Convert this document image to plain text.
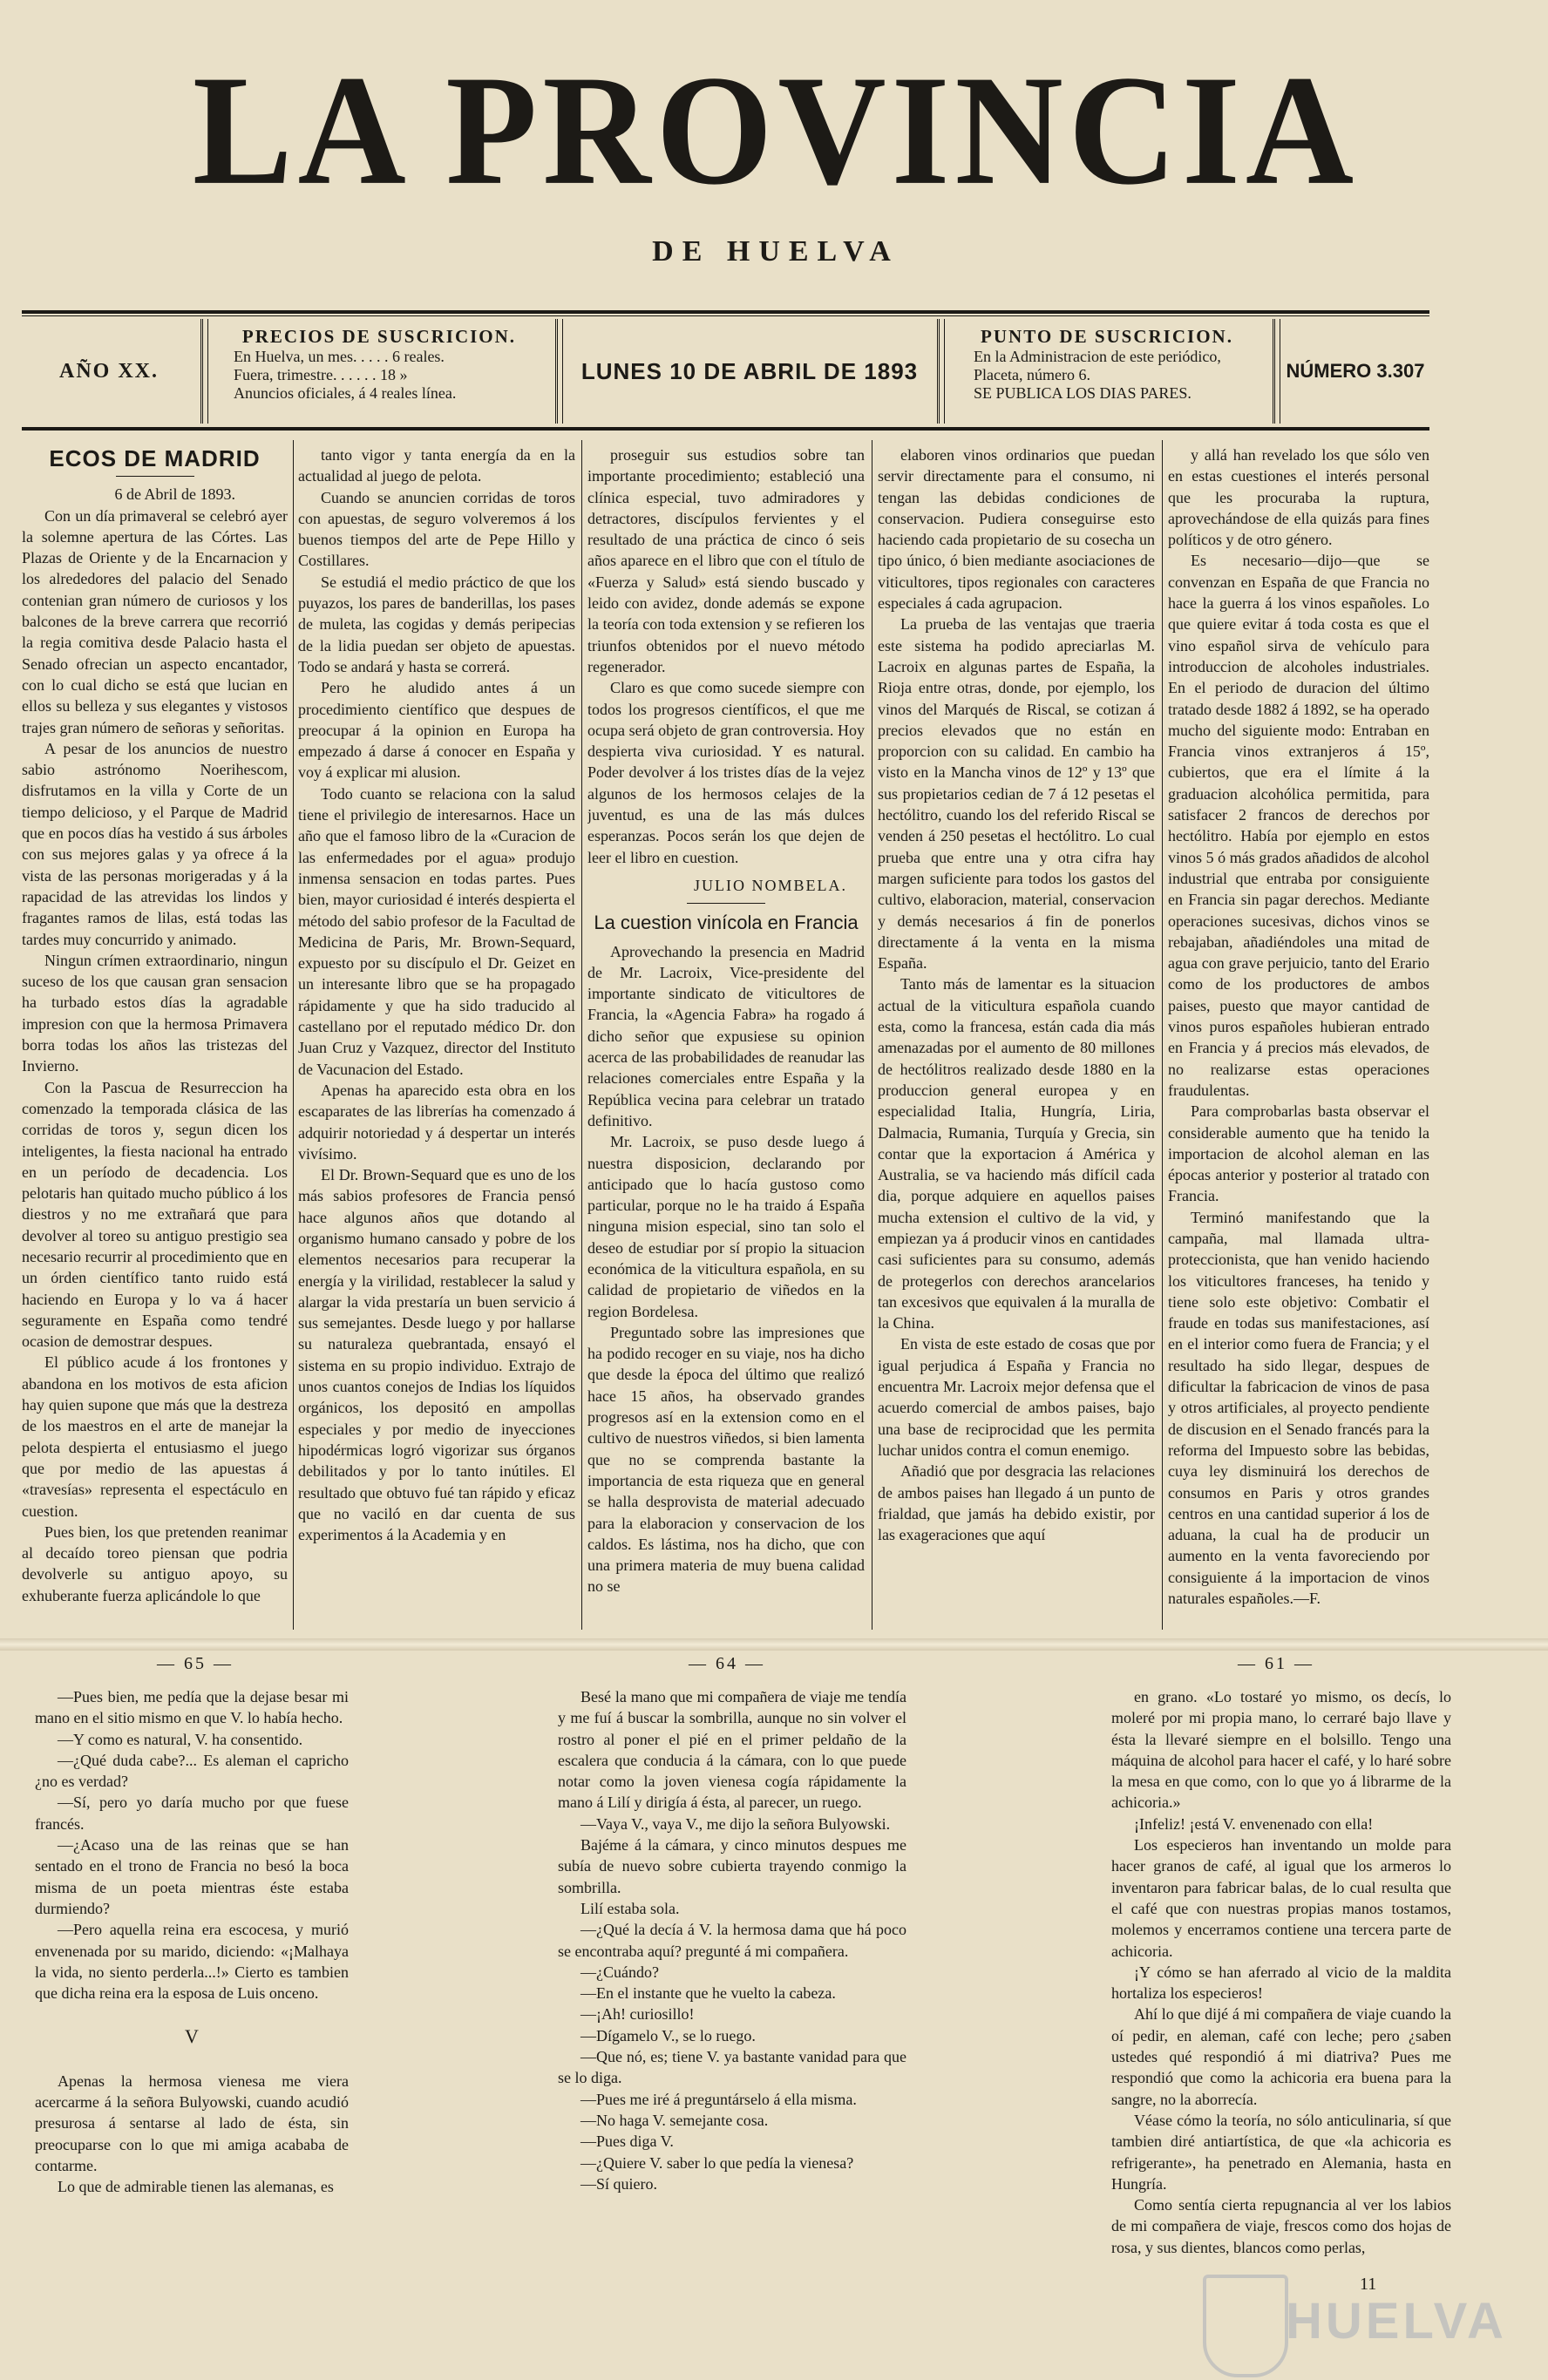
LA PROVINCIA
DE HUELVA
AÑO XX.
PRECIOS DE SUSCRICION.
En Huelva, un mes. . . . . 6 reales.
Fuera, trimestre. . . . . . 18 »
Anuncios oficiales, á 4 reales línea.
LUNES 10 DE ABRIL DE 1893
PUNTO DE SUSCRICION.
En la Administracion de este periódico,
Placeta, número 6.
SE PUBLICA LOS DIAS PARES.
NÚMERO 3.307
ECOS DE MADRID

6 de Abril de 1893.

Con un día primaveral se celebró ayer la solemne apertura de las Córtes. Las Plazas de Oriente y de la Encarnacion y los alrededores del palacio del Senado contenian gran número de curiosos y los balcones de la breve carrera que recorrió la regia comitiva desde Palacio hasta el Senado ofrecian un aspecto encantador, con lo cual dicho se está que lucian en ellos su belleza y sus elegantes y vistosos trajes gran número de señoras y señoritas.

A pesar de los anuncios de nuestro sabio astrónomo Noerihescom, disfrutamos en la villa y Corte de un tiempo delicioso, y el Parque de Madrid que en pocos días ha vestido á sus árboles con sus mejores galas y ya ofrece á la vista de las personas morigeradas y á la rapacidad de las atrevidas los lindos y fragantes ramos de lilas, está todas las tardes muy concurrido y animado.

Ningun crímen extraordinario, ningun suceso de los que causan gran sensacion ha turbado estos días la agradable impresion con que la hermosa Primavera borra todas los años las tristezas del Invierno.

Con la Pascua de Resurreccion ha comenzado la temporada clásica de las corridas de toros y, segun dicen los inteligentes, la fiesta nacional ha entrado en un período de decadencia. Los pelotaris han quitado mucho público á los diestros y no me extrañará que para devolver al toreo su antiguo prestigio sea necesario recurrir al procedimiento que en un órden científico tanto ruido está haciendo en Europa y lo va á hacer seguramente en España como tendré ocasion de demostrar despues.

El público acude á los frontones y abandona en los motivos de esta aficion hay quien supone que más que la destreza de los maestros en el arte de manejar la pelota despierta el entusiasmo el juego que por medio de las apuestas á «travesías» representa el espectáculo en cuestion.

Pues bien, los que pretenden reanimar al decaído toreo piensan que podria devolverle su antiguo apoyo, su exhuberante fuerza aplicándole lo que

tanto vigor y tanta energía da en la actualidad al juego de pelota.

Cuando se anuncien corridas de toros con apuestas, de seguro volveremos á los buenos tiempos del arte de Pepe Hillo y Costillares.

Se estudiá el medio práctico de que los puyazos, los pares de banderillas, los pases de muleta, las cogidas y demás peripecias de la lidia puedan ser objeto de apuestas. Todo se andará y hasta se correrá.

Pero he aludido antes á un procedimiento científico que despues de preocupar á la opinion en Europa ha empezado á darse á conocer en España y voy á explicar mi alusion.

Todo cuanto se relaciona con la salud tiene el privilegio de interesarnos. Hace un año que el famoso libro de la «Curacion de las enfermedades por el agua» produjo inmensa sensacion en todas partes. Pues bien, mayor curiosidad é interés despierta el método del sabio profesor de la Facultad de Medicina de Paris, Mr. Brown-Sequard, expuesto por su discípulo el Dr. Geizet en un interesante libro que se ha propagado rápidamente y que ha sido traducido al castellano por el reputado médico Dr. don Juan Cruz y Vazquez, director del Instituto de Vacunacion del Estado.

Apenas ha aparecido esta obra en los escaparates de las librerías ha comenzado á adquirir notoriedad y á despertar un interés vivísimo.

El Dr. Brown-Sequard que es uno de los más sabios profesores de Francia pensó hace algunos años que dotando al organismo humano cansado y pobre de los elementos necesarios para recuperar la energía y la virilidad, restablecer la salud y alargar la vida prestaría un buen servicio á sus semejantes. Desde luego y por hallarse su naturaleza quebrantada, ensayó el sistema en su propio individuo. Extrajo de unos cuantos conejos de Indias los líquidos orgánicos, los depositó en ampollas especiales y por medio de inyecciones hipodérmicas logró vigorizar sus órganos debilitados y por lo tanto inútiles. El resultado que obtuvo fué tan rápido y eficaz que no vaciló en dar cuenta de sus experimentos á la Academia y en

proseguir sus estudios sobre tan importante procedimiento; estableció una clínica especial, tuvo admiradores y detractores, discípulos fervientes y el resultado de una práctica de cinco ó seis años aparece en el libro que con el título de «Fuerza y Salud» está siendo buscado y leido con avidez, donde además se expone la teoría con toda extension y se refieren los triunfos obtenidos por el nuevo método regenerador.

Claro es que como sucede siempre con todos los progresos científicos, el que me ocupa será objeto de gran controversia. Hoy despierta viva curiosidad. Y es natural. Poder devolver á los tristes días de la vejez algunos de los hermosos celajes de la juventud, es una de las más dulces esperanzas. Pocos serán los que dejen de leer el libro en cuestion.

JULIO NOMBELA.
La cuestion vinícola en Francia

Aprovechando la presencia en Madrid de Mr. Lacroix, Vice-presidente del importante sindicato de viticultores de Francia, la «Agencia Fabra» ha rogado á dicho señor que expusiese su opinion acerca de las probabilidades de reanudar las relaciones comerciales entre España y la República vecina para celebrar un tratado definitivo.

Mr. Lacroix, se puso desde luego á nuestra disposicion, declarando por anticipado que lo hacía gustoso como particular, porque no le ha traido á España ninguna mision especial, sino tan solo el deseo de estudiar por sí propio la situacion económica de la viticultura española, en su calidad de propietario de viñedos en la region Bordelesa.

Preguntado sobre las impresiones que ha podido recoger en su viaje, nos ha dicho que desde la época del último que realizó hace 15 años, ha observado grandes progresos así en la extension como en el cultivo de nuestros viñedos, si bien lamenta que no se comprenda bastante la importancia de esta riqueza que en general se halla desprovista de material adecuado para la elaboracion y conservacion de los caldos. Es lástima, nos ha dicho, que con una primera materia de muy buena calidad no se

elaboren vinos ordinarios que puedan servir directamente para el consumo, ni tengan las debidas condiciones de conservacion. Pudiera conseguirse esto haciendo cada propietario de su cosecha un tipo único, ó bien mediante asociaciones de viticultores, tipos regionales con caracteres especiales á cada agrupacion.

La prueba de las ventajas que traeria este sistema ha podido apreciarlas M. Lacroix en algunas partes de España, la Rioja entre otras, donde, por ejemplo, los vinos del Marqués de Riscal, se cotizan á precios elevados que no están en proporcion con su calidad. En cambio ha visto en la Mancha vinos de 12º y 13º que sus propietarios cedian de 7 á 12 pesetas el hectólitro, cuando los del referido Riscal se venden á 250 pesetas el hectólitro. Lo cual prueba que entre una y otra cifra hay margen suficiente para todos los gastos del cultivo, elaboracion, material, conservacion y demás necesarios á fin de ponerlos directamente á la venta en la misma España.

Tanto más de lamentar es la situacion actual de la viticultura española cuando esta, como la francesa, están cada dia más amenazadas por el aumento de 80 millones de hectólitros realizado desde 1880 en la produccion general europea y en especialidad Italia, Hungría, Liria, Dalmacia, Rumania, Turquía y Grecia, sin contar que la exportacion á América y Australia, se va haciendo más difícil cada dia, porque adquiere en aquellos paises mucha extension el cultivo de la vid, y empiezan ya á producir vinos en cantidades casi suficientes para su consumo, además de protegerlos con derechos arancelarios tan excesivos que equivalen á la muralla de la China.

En vista de este estado de cosas que por igual perjudica á España y Francia no encuentra Mr. Lacroix mejor defensa que el acuerdo comercial de ambos paises, bajo una base de reciprocidad que les permita luchar unidos contra el comun enemigo.

Añadió que por desgracia las relaciones de ambos paises han llegado á un punto de frialdad, que jamás ha debido existir, por las exageraciones que aquí

y allá han revelado los que sólo ven en estas cuestiones el interés personal que les procuraba la ruptura, aprovechándose de ella quizás para fines políticos y de otro género.

Es necesario—dijo—que se convenzan en España de que Francia no hace la guerra á los vinos españoles. Lo que quiere evitar á toda costa es que el vino español sirva de vehículo para introduccion de alcoholes industriales. En el periodo de duracion del último tratado desde 1882 á 1892, se ha operado mucho del siguiente modo: Entraban en Francia vinos extranjeros á 15º, cubiertos, que era el límite á la graduacion alcohólica permitida, para satisfacer 2 francos de derechos por hectólitro. Había por ejemplo en estos vinos 5 ó más grados añadidos de alcohol industrial que entraba por consiguiente en Francia sin pagar derechos. Mediante operaciones sucesivas, dichos vinos se rebajaban, añadiéndoles una mitad de agua con grave perjuicio, tanto del Erario como de los productores de ambos paises, puesto que mayor cantidad de vinos puros españoles hubieran entrado en Francia y á precios más elevados, de no realizarse estas operaciones fraudulentas.

Para comprobarlas basta observar el considerable aumento que ha tenido la importacion de alcohol aleman en las épocas anterior y posterior al tratado con Francia.

Terminó manifestando que la campaña, mal llamada ultra-proteccionista, que han venido haciendo los viticultores franceses, ha tenido y tiene solo este objetivo: Combatir el fraude en todas sus manifestaciones, así en el interior como fuera de Francia; y el resultado ha sido llegar, despues de dificultar la fabricacion de vinos de pasa y otros artificiales, al proyecto pendiente de discusion en el Senado francés para la reforma del Impuesto sobre las bebidas, cuya ley disminuirá los derechos de consumos en Paris y otros grandes centros en una cantidad superior á los de aduana, la cual ha de producir un aumento en la venta favoreciendo por consiguiente á la importacion de vinos naturales españoles.—F.

— 65 —	— 64 —	— 61 —

—Pues bien, me pedía que la dejase besar mi mano en el sitio mismo en que V. lo había hecho.

—Y como es natural, V. ha consentido.

—¿Qué duda cabe?... Es aleman el capricho ¿no es verdad?

—Sí, pero yo daría mucho por que fuese francés.

—¿Acaso una de las reinas que se han sentado en el trono de Francia no besó la boca misma de un poeta mientras éste estaba durmiendo?

—Pero aquella reina era escocesa, y murió envenenada por su marido, diciendo: «¡Malhaya la vida, no siento perderla...!» Cierto es tambien que dicha reina era la esposa de Luis onceno.

V

Apenas la hermosa vienesa me viera acercarme á la señora Bulyowski, cuando acudió presurosa á sentarse al lado de ésta, sin preocuparse con lo que mi amiga acababa de contarme.

Lo que de admirable tienen las alemanas, es

Besé la mano que mi compañera de viaje me tendía y me fuí á buscar la sombrilla, aunque no sin volver el rostro al poner el pié en el primer peldaño de la escalera que conducia á la cámara, con lo que puede notar como la joven vienesa cogía rápidamente la mano á Lilí y dirigía á ésta, al parecer, un ruego.

—Vaya V., vaya V., me dijo la señora Bulyowski.

Bajéme á la cámara, y cinco minutos despues me subía de nuevo sobre cubierta trayendo conmigo la sombrilla.

Lilí estaba sola.

—¿Qué la decía á V. la hermosa dama que há poco se encontraba aquí? pregunté á mi compañera.

—¿Cuándo?

—En el instante que he vuelto la cabeza.

—¡Ah! curiosillo!

—Dígamelo V., se lo ruego.

—Que nó, es; tiene V. ya bastante vanidad para que se lo diga.

—Pues me iré á preguntárselo á ella misma.

—No haga V. semejante cosa.

—Pues diga V.

—¿Quiere V. saber lo que pedía la vienesa?

—Sí quiero.

en grano. «Lo tostaré yo mismo, os decís, lo moleré por mi propia mano, lo cerraré bajo llave y ésta la llevaré siempre en el bolsillo. Tengo una máquina de alcohol para hacer el café, y lo haré sobre la mesa en que como, con lo que yo á librarme de la achicoria.»

¡Infeliz! ¡está V. envenenado con ella!

Los especieros han inventando un molde para hacer granos de café, al igual que los armeros lo inventaron para fabricar balas, de lo cual resulta que el café que con nuestras propias manos tostamos, molemos y encerramos contiene una tercera parte de achicoria.

¡Y cómo se han aferrado al vicio de la maldita hortaliza los especieros!

Ahí lo que dijé á mi compañera de viaje cuando la oí pedir, en aleman, café con leche; pero ¿saben ustedes qué respondió á mi diatriva? Pues me respondió que como la achicoria era buena para la sangre, no la aborrecía.

Véase cómo la teoría, no sólo anticulinaria, sí que tambien diré antiartística, de que «la achicoria es refrigerante», ha penetrado en Alemania, hasta en Hungría.

Como sentía cierta repugnancia al ver los labios de mi compañera de viaje, frescos como dos hojas de rosa, y sus dientes, blancos como perlas,

HUELVA
11
